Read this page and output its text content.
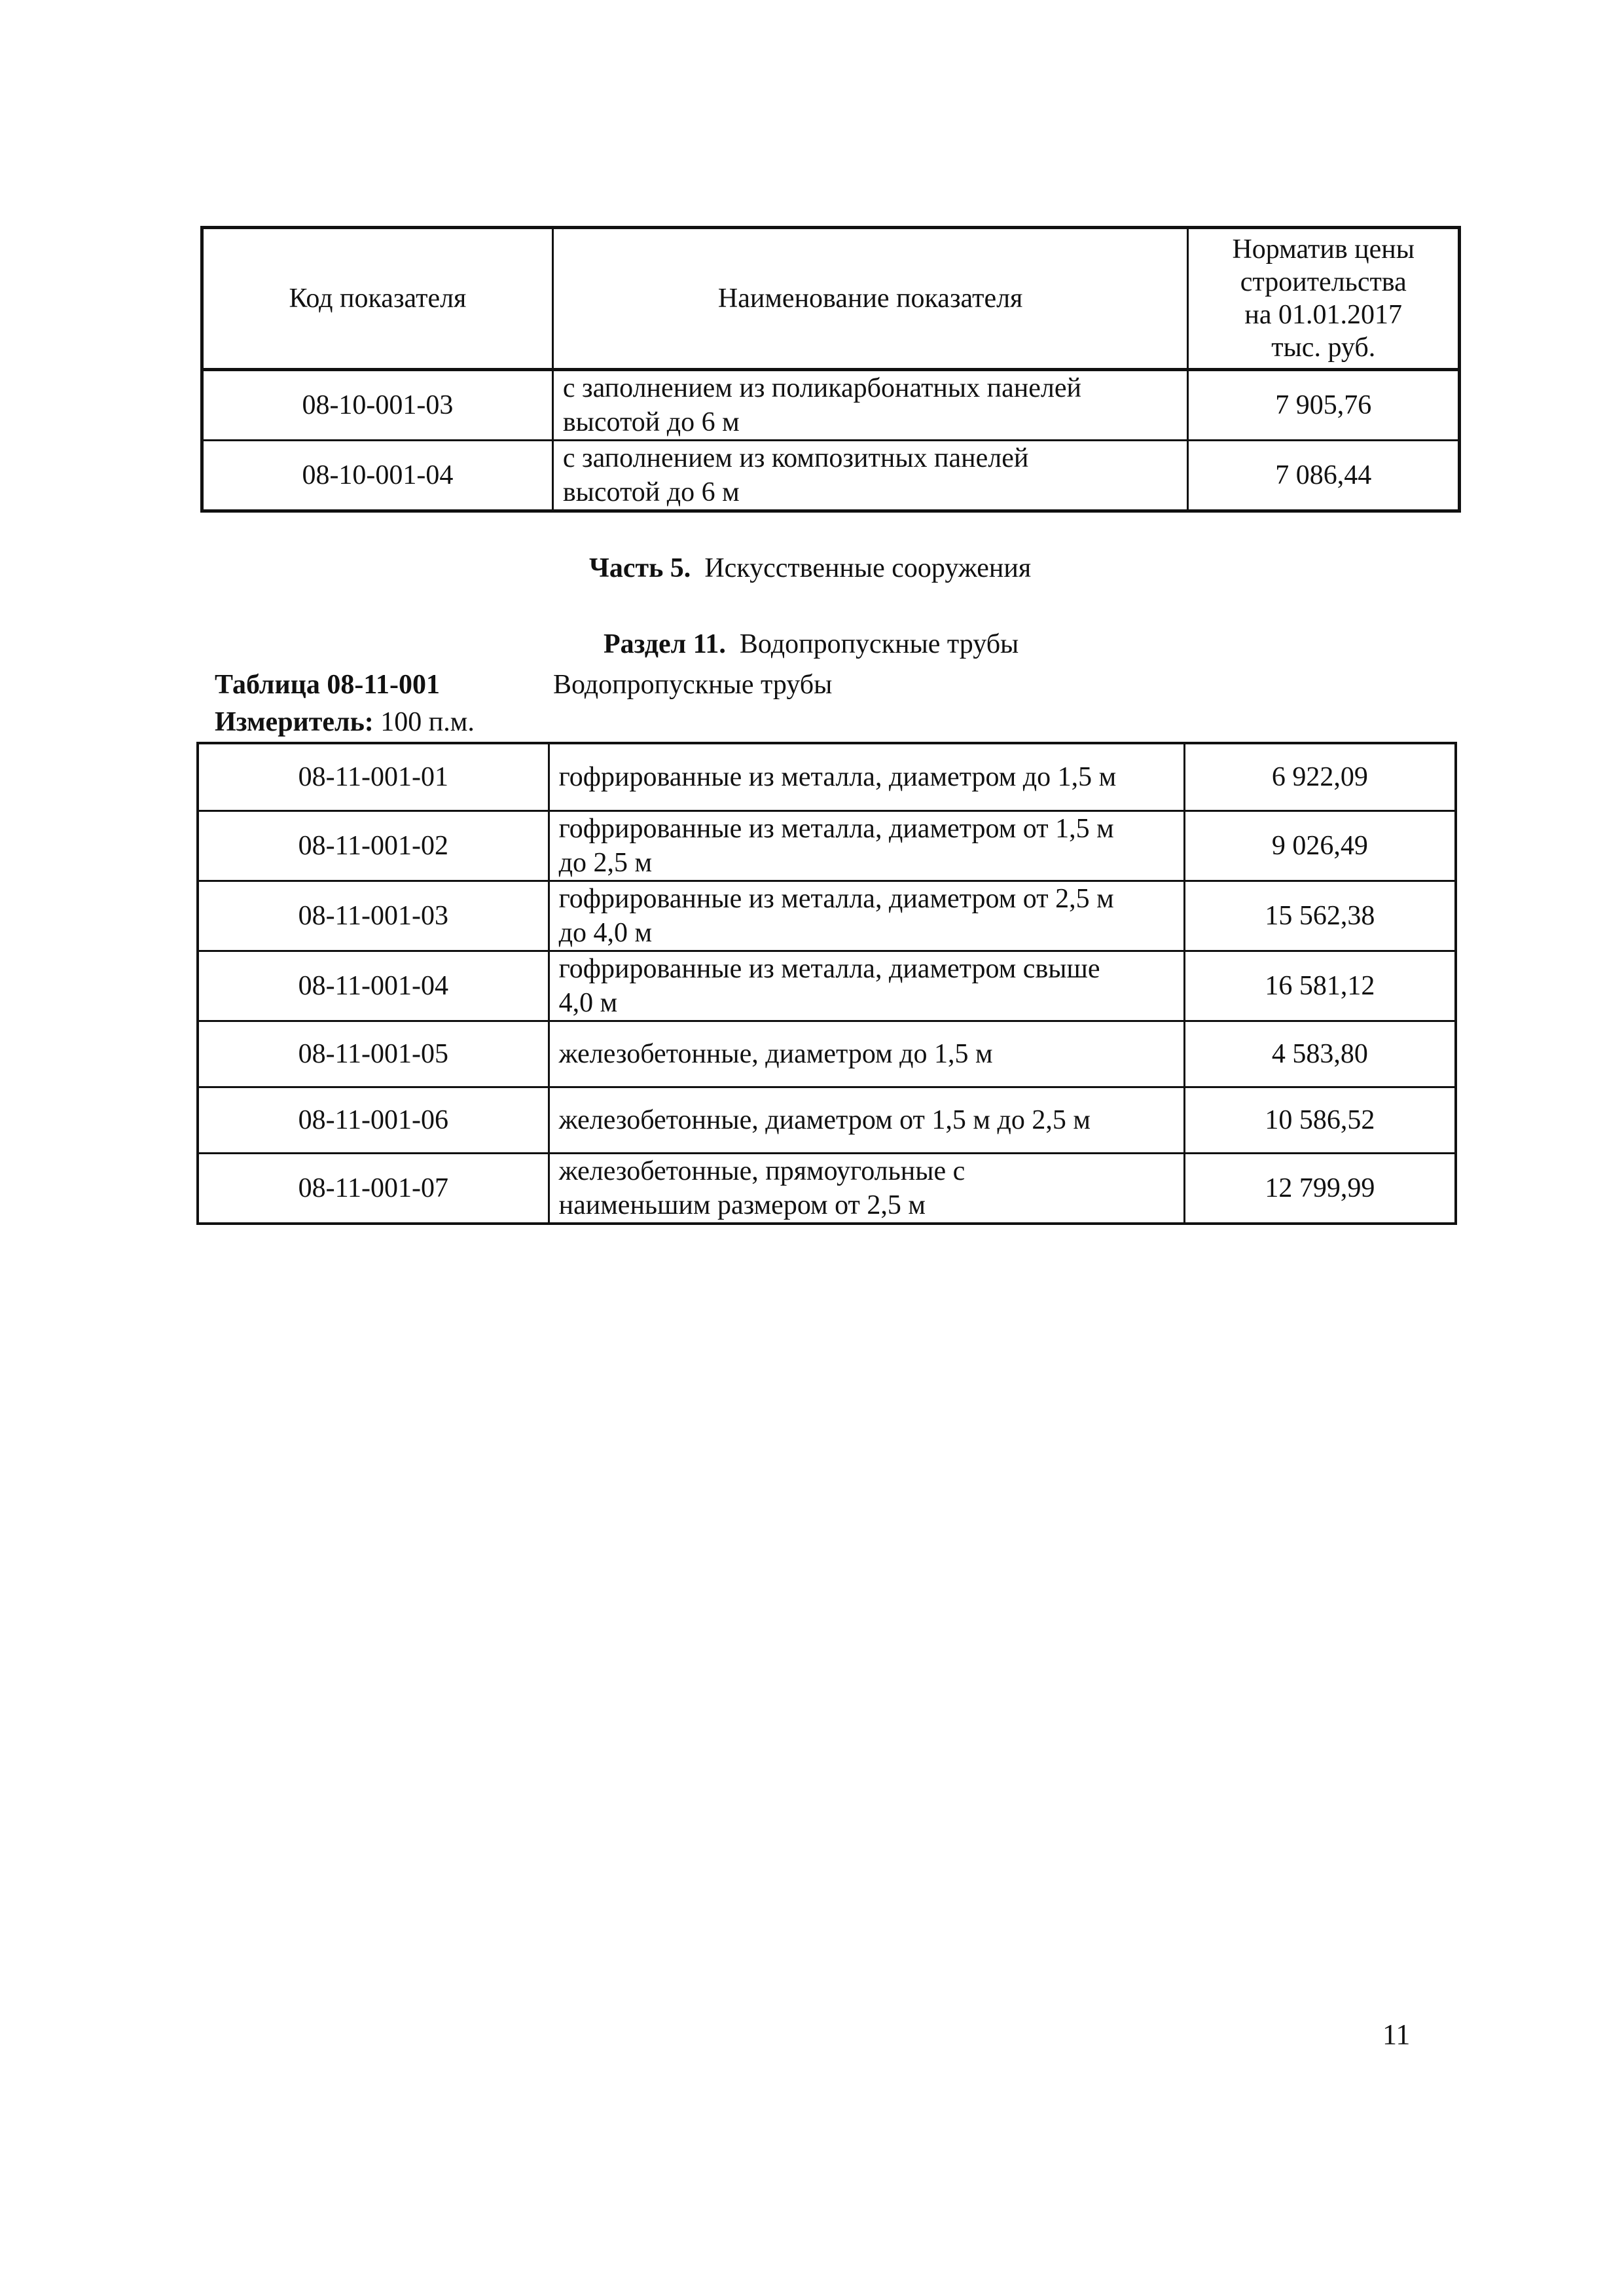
Код показателя	Наименование показателя	Норматив цены
строительства
на 01.01.2017
тыс. руб.

08-10-001-03	с заполнением из поликарбонатных панелей
высотой до 6 м	7 905,76
08-10-001-04	с заполнением из композитных панелей
высотой до 6 м	7 086,44
Часть 5. Искусственные сооружения
Раздел 11. Водопропускные трубы
Таблица 08-11-001	Водопропускные трубы
Измеритель: 100 п.м.
08-11-001-01	гофрированные из металла, диаметром до 1,5 м	6 922,09
08-11-001-02	гофрированные из металла, диаметром от 1,5 м
до 2,5 м	9 026,49
08-11-001-03	гофрированные из металла, диаметром от 2,5 м
до 4,0 м	15 562,38
08-11-001-04	гофрированные из металла, диаметром свыше
4,0 м	16 581,12
08-11-001-05	железобетонные, диаметром до 1,5 м	4 583,80
08-11-001-06	железобетонные, диаметром от 1,5 м до 2,5 м	10 586,52
08-11-001-07	железобетонные, прямоугольные с
наименьшим размером от 2,5 м	12 799,99
11
